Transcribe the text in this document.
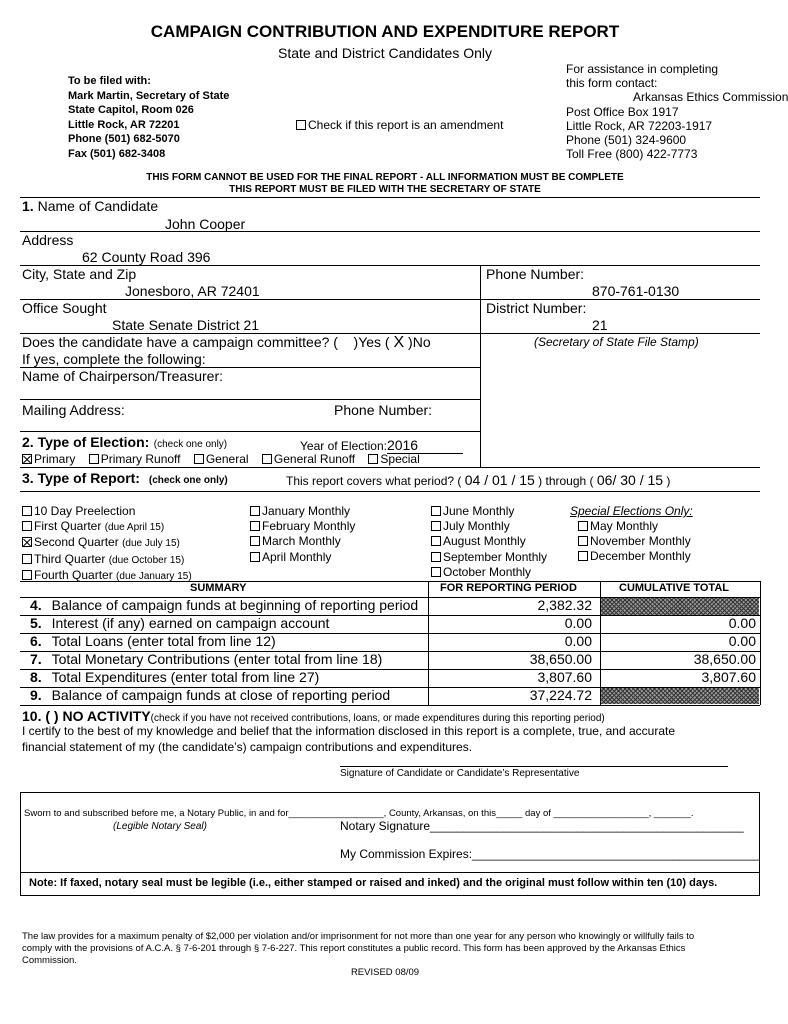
CAMPAIGN CONTRIBUTION AND EXPENDITURE REPORT
State and District Candidates Only
To be filed with:
Mark Martin, Secretary of State
State Capitol, Room 026
Little Rock, AR 72201
Phone (501) 682-5070
Fax (501) 682-3408
Check if this report is an amendment
For assistance in completing
this form contact:
Arkansas Ethics Commission
Post Office Box 1917
Little Rock, AR 72203-1917
Phone (501) 324-9600
Toll Free (800) 422-7773
THIS FORM CANNOT BE USED FOR THE FINAL REPORT - ALL INFORMATION MUST BE COMPLETE
THIS REPORT MUST BE FILED WITH THE SECRETARY OF STATE
1. Name of Candidate
John Cooper
Address
62 County Road 396
City, State and Zip	Phone Number:
Jonesboro, AR 72401	870-761-0130
Office Sought	District Number:
State Senate District 21	21
(Secretary of State File Stamp)
Does the candidate have a campaign committee? ( )Yes ( X )No
If yes, complete the following:
Name of Chairperson/Treasurer:
Mailing Address:	Phone Number:
2. Type of Election: (check one only)	Year of Election:2016
Primary Primary Runoff General General Runoff Special
3. Type of Report: (check one only)	This report covers what period? ( 04 / 01 / 15 ) through ( 06/ 30 / 15 )
10 Day Preelection
First Quarter (due April 15)
Second Quarter (due July 15)
Third Quarter (due October 15)
Fourth Quarter (due January 15)
January Monthly
February Monthly
March Monthly
April Monthly
June Monthly
July Monthly
August Monthly
September Monthly
October Monthly
Special Elections Only:
May Monthly
November Monthly
December Monthly
SUMMARY	FOR REPORTING PERIOD	CUMULATIVE TOTAL
4. Balance of campaign funds at beginning of reporting period	2,382.32
5. Interest (if any) earned on campaign account	0.00	0.00
6. Total Loans (enter total from line 12)	0.00	0.00
7. Total Monetary Contributions (enter total from line 18)	38,650.00	38,650.00
8. Total Expenditures (enter total from line 27)	3,807.60	3,807.60
9. Balance of campaign funds at close of reporting period	37,224.72
10. ( ) NO ACTIVITY(check if you have not received contributions, loans, or made expenditures during this reporting period)
I certify to the best of my knowledge and belief that the information disclosed in this report is a complete, true, and accurate
financial statement of my (the candidate’s) campaign contributions and expenditures.
Signature of Candidate or Candidate’s Representative
Sworn to and subscribed before me, a Notary Public, in and for__________________, County, Arkansas, on this_____ day of __________________, _______.
(Legible Notary Seal)	Notary Signature_______________________________________________
My Commission Expires:___________________________________________
Note: If faxed, notary seal must be legible (i.e., either stamped or raised and inked) and the original must follow within ten (10) days.
The law provides for a maximum penalty of $2,000 per violation and/or imprisonment for not more than one year for any person who knowingly or willfully fails to
comply with the provisions of A.C.A. § 7-6-201 through § 7-6-227. This report constitutes a public record. This form has been approved by the Arkansas Ethics
Commission.
REVISED 08/09
